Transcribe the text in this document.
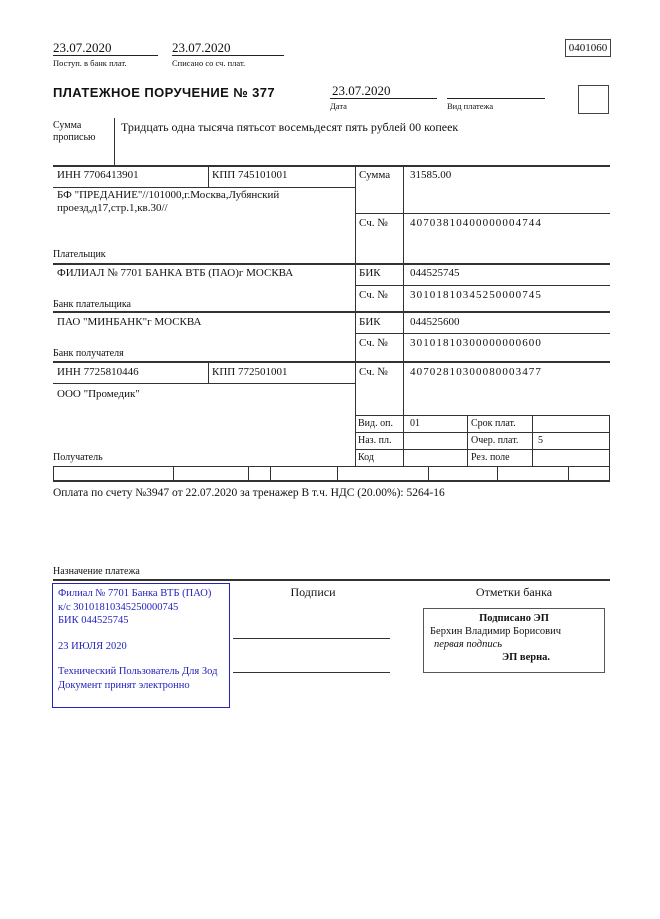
23.07.2020
Поступ. в банк плат.
23.07.2020
Списано со сч. плат.
0401060
ПЛАТЕЖНОЕ ПОРУЧЕНИЕ № 377	23.07.2020
Дата	Вид платежа
Сумма прописью
Тридцать одна тысяча пятьсот восемьдесят пять рублей 00 копеек
ИНН 7706413901	КПП 745101001	Сумма 31585.00
БФ "ПРЕДАНИЕ"//101000,г.Москва,Лубянский проезд,д17,стр.1,кв.30//
Сч. № 40703810400000004744
Плательщик
ФИЛИАЛ № 7701 БАНКА ВТБ (ПАО)г МОСКВА	БИК	044525745
Сч. № 30101810345250000745
Банк плательщика
ПАО "МИНБАНК"г МОСКВА	БИК	044525600
Сч. № 30101810300000000600
Банк получателя
ИНН 7725810446	КПП 772501001	Сч. № 40702810300080003477
ООО "Промедик"
Получатель
Вид. оп. 01	Срок плат.
Наз. пл.	Очер. плат. 5
Код	Рез. поле
Оплата по счету №3947 от 22.07.2020 за тренажер В т.ч. НДС (20.00%): 5264-16
Назначение платежа
Филиал № 7701 Банка ВТБ (ПАО)
к/с 30101810345250000745
БИК 044525745
23 ИЮЛЯ 2020
Технический Пользователь Для Зод
Документ принят электронно
Подписи	Отметки банка
Подписано ЭП
Берхин Владимир Борисович
первая подпись
ЭП верна.
